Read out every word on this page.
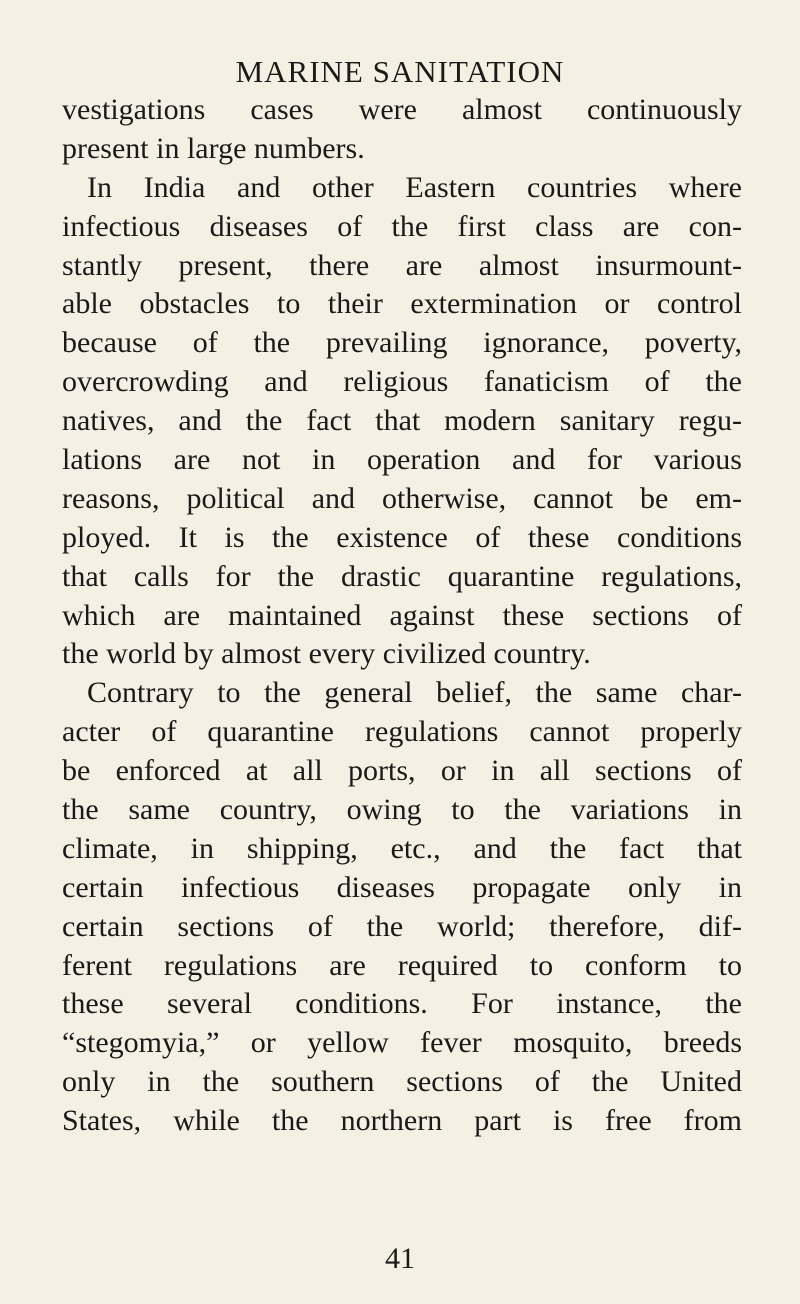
MARINE SANITATION
vestigations cases were almost continuously
present in large numbers.
In India and other Eastern countries where
infectious diseases of the first class are con-
stantly present, there are almost insurmount-
able obstacles to their extermination or control
because of the prevailing ignorance, poverty,
overcrowding and religious fanaticism of the
natives, and the fact that modern sanitary regu-
lations are not in operation and for various
reasons, political and otherwise, cannot be em-
ployed. It is the existence of these conditions
that calls for the drastic quarantine regulations,
which are maintained against these sections of
the world by almost every civilized country.
Contrary to the general belief, the same char-
acter of quarantine regulations cannot properly
be enforced at all ports, or in all sections of
the same country, owing to the variations in
climate, in shipping, etc., and the fact that
certain infectious diseases propagate only in
certain sections of the world; therefore, dif-
ferent regulations are required to conform to
these several conditions. For instance, the
“stegomyia,” or yellow fever mosquito, breeds
only in the southern sections of the United
States, while the northern part is free from
41
